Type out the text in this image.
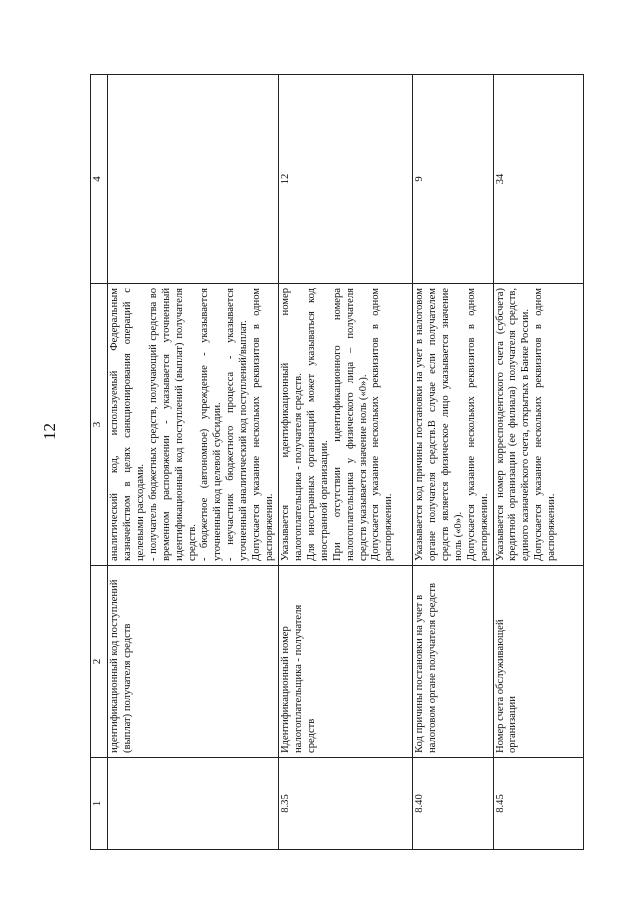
12
1	2	3	4
	идентификационный код поступлений (выплат) получателя средств	аналитический код, используемый Федеральным казначейством в целях санкционирования операций с целевыми расходами. - получатель бюджетных средств, получающий средства во временном распоряжении - указывается уточненный идентификационный код поступлений (выплат) получателя средств. - бюджетное (автономное) учреждение - указывается уточненный код целевой субсидии. - неучастник бюджетного процесса - указывается уточненный аналитический код поступлений/выплат. Допускается указание нескольких реквизитов в одном распоряжении.	

8.35	Идентификационный номер налогоплательщика - получателя средств	Указывается идентификационный номер налогоплательщика - получателя средств. Для иностранных организаций может указываться код иностранной организации. При отсутствии идентификационного номера налогоплательщика у физического лица – получателя средств указывается значение ноль («0»). Допускается указание нескольких реквизитов в одном распоряжении.	12
8.40	Код причины постановки на учет в налоговом органе получателя средств	Указывается код причины постановки на учет в налоговом органе получателя средств.В случае если получателем средств является физическое лицо указывается значение ноль («0»). Допускается указание нескольких реквизитов в одном распоряжении.	9
8.45	Номер счета обслуживающей организации	Указывается номер корреспондентского счета (субсчета) кредитной организации (ее филиала) получателя средств, единого казначейского счета, открытых в Банке России. Допускается указание нескольких реквизитов в одном распоряжении.	34
